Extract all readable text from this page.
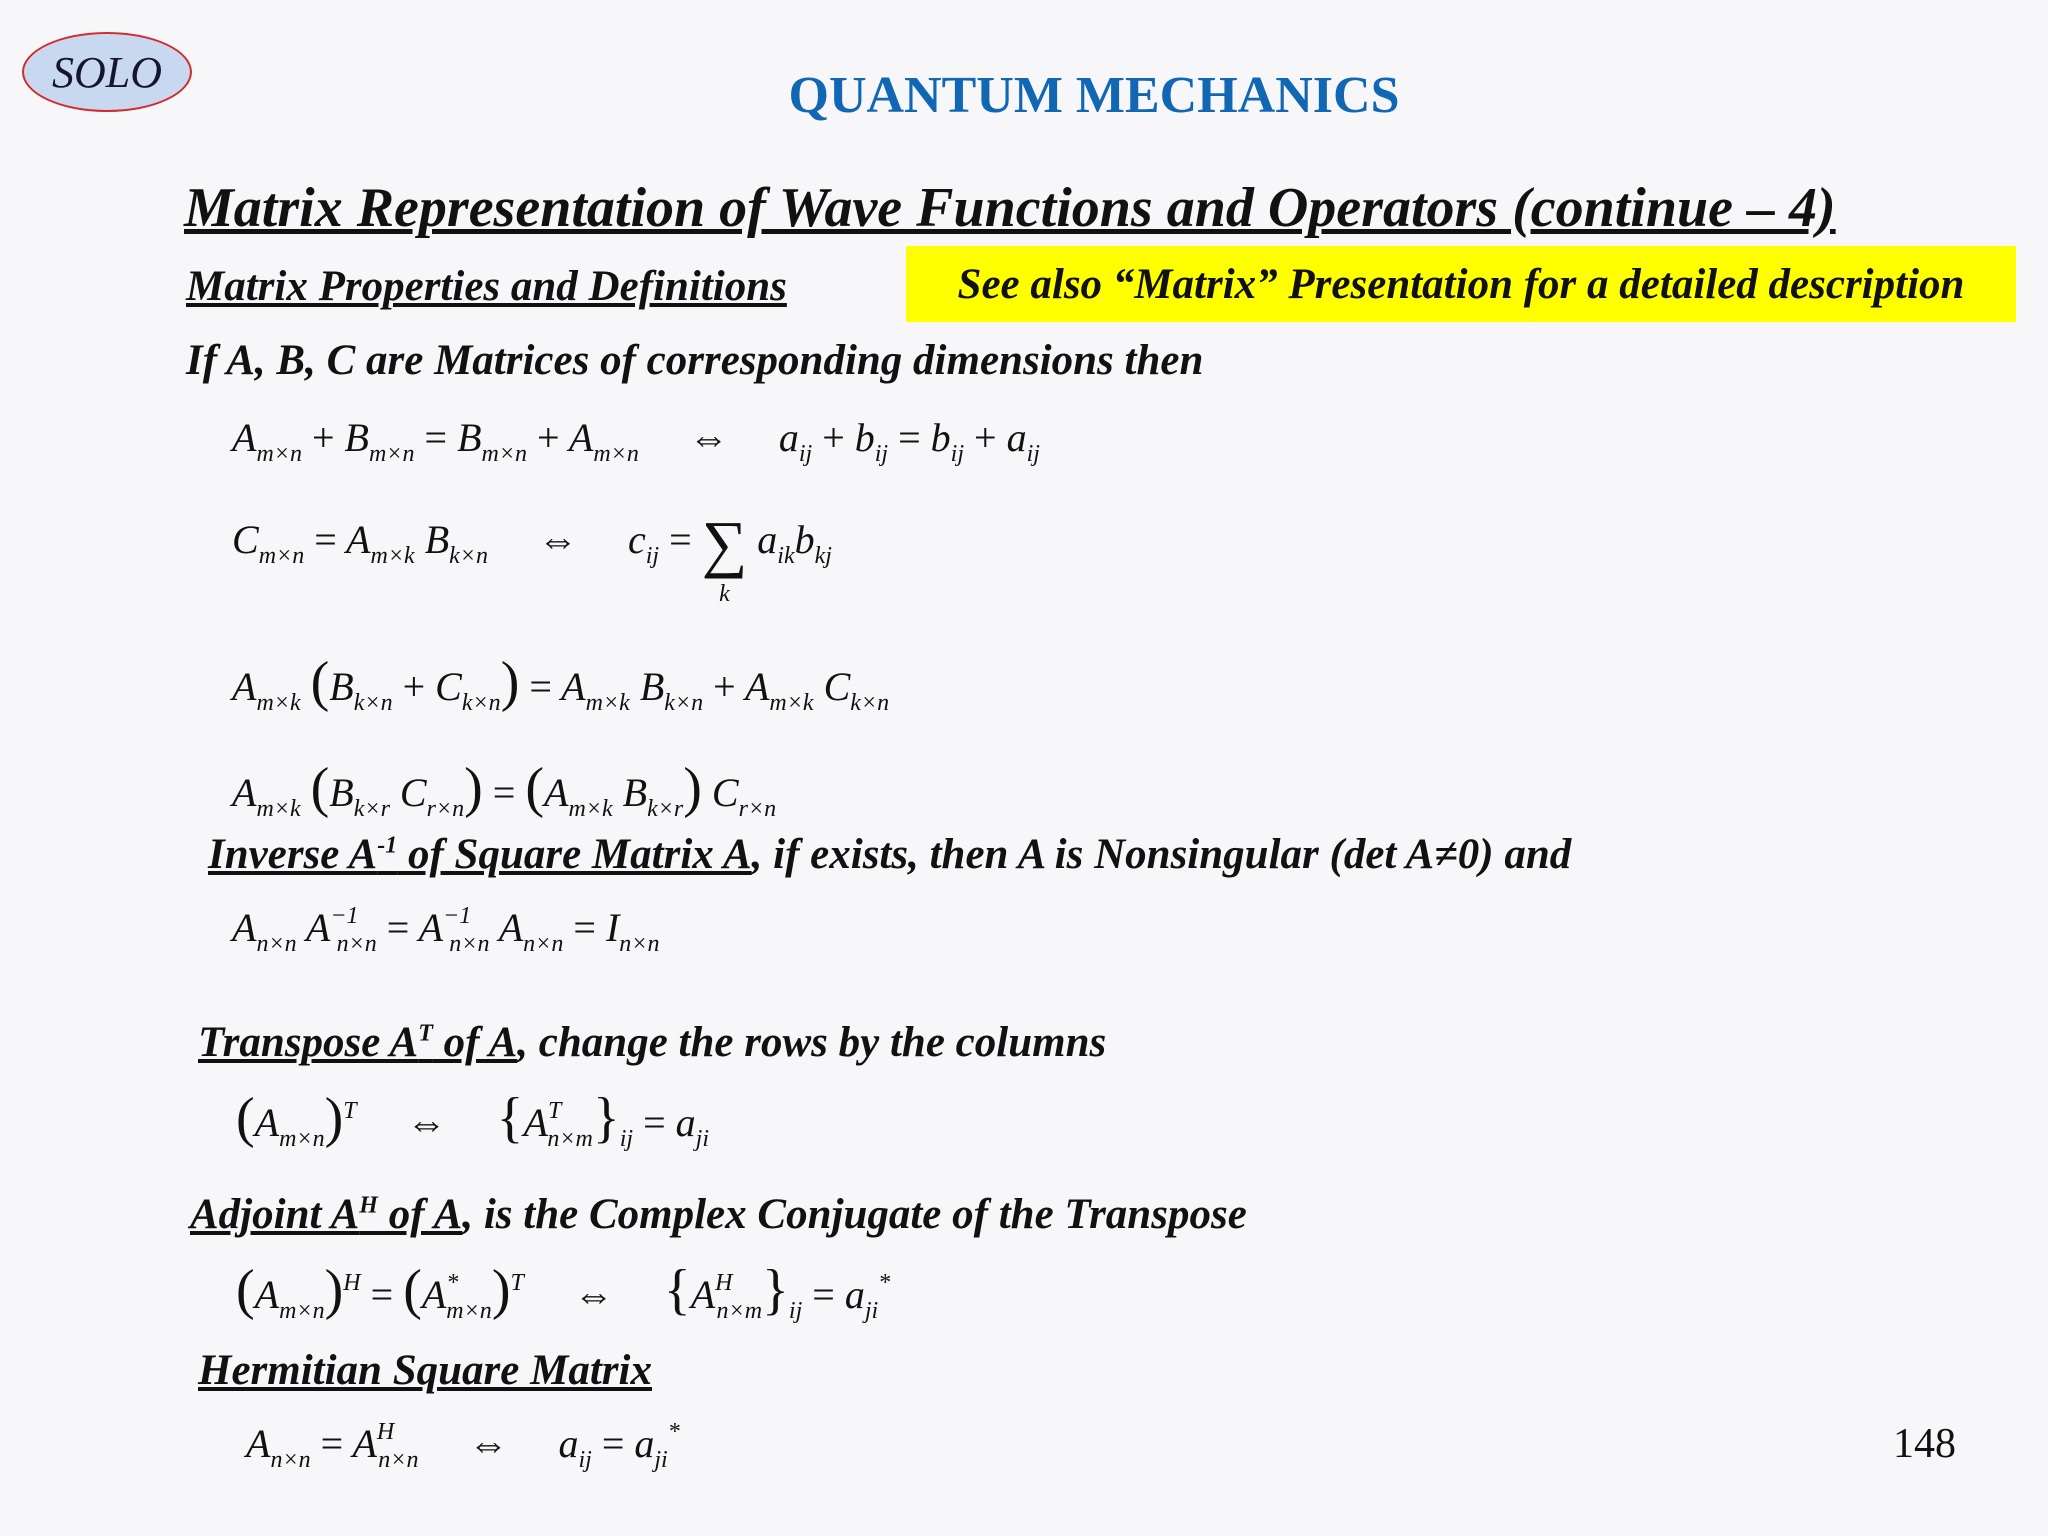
SOLO	QUANTUM MECHANICS
Matrix Representation of Wave Functions and Operators (continue – 4)
Matrix Properties and Definitions	See also “Matrix” Presentation for a detailed description
If A, B, C are Matrices of corresponding dimensions then
$A_{m\times n} + B_{m\times n} = B_{m\times n} + A_{m\times n}$     ⇔     $a_{ij} + b_{ij} = b_{ij} + a_{ij}$
$C_{m\times n} = A_{m\times k}$ $B_{k\times n}$     ⇔     $c_{ij}$ = ∑
k
$a_{ik}b_{kj}$
$A_{m\times k}$ $(B_{k\times n} + C_{k\times n}) = A_{m\times k}$ $B_{k\times n} + A_{m\times k}$ $C_{k\times n}$
$A_{m\times k}$ ($B_{k\times r}$ $C_{r\times n}) = (A_{m\times k}$ $B_{k\times r}$) $C_{r\times n}$
Inverse $A^{-1}$ of Square Matrix A, if exists, then A is Nonsingular (det A≠0) and
$A_{n\times n}$ $A^{-1}_{n\times n} = A^{-1}_{n\times n}$ $A_{n\times n} = I_{n\times n}$
Transpose $A^T$ of A, change the rows by the columns
$(A_{m\times n})^T$     ⇔     $\{A^T_{n\times m}\}_{ij} = a_{ji}$
Adjoint $A^H$ of A, is the Complex Conjugate of the Transpose
$(A_{m\times n})^H = (A^*_{m\times n})^T$     ⇔     $\{A^H_{n\times m}\}_{ij} = a_{ji}^*$
Hermitian Square Matrix
$A_{n\times n} = A^H_{n\times n}$     ⇔     $a_{ij} = a_{ji}^*$	148
